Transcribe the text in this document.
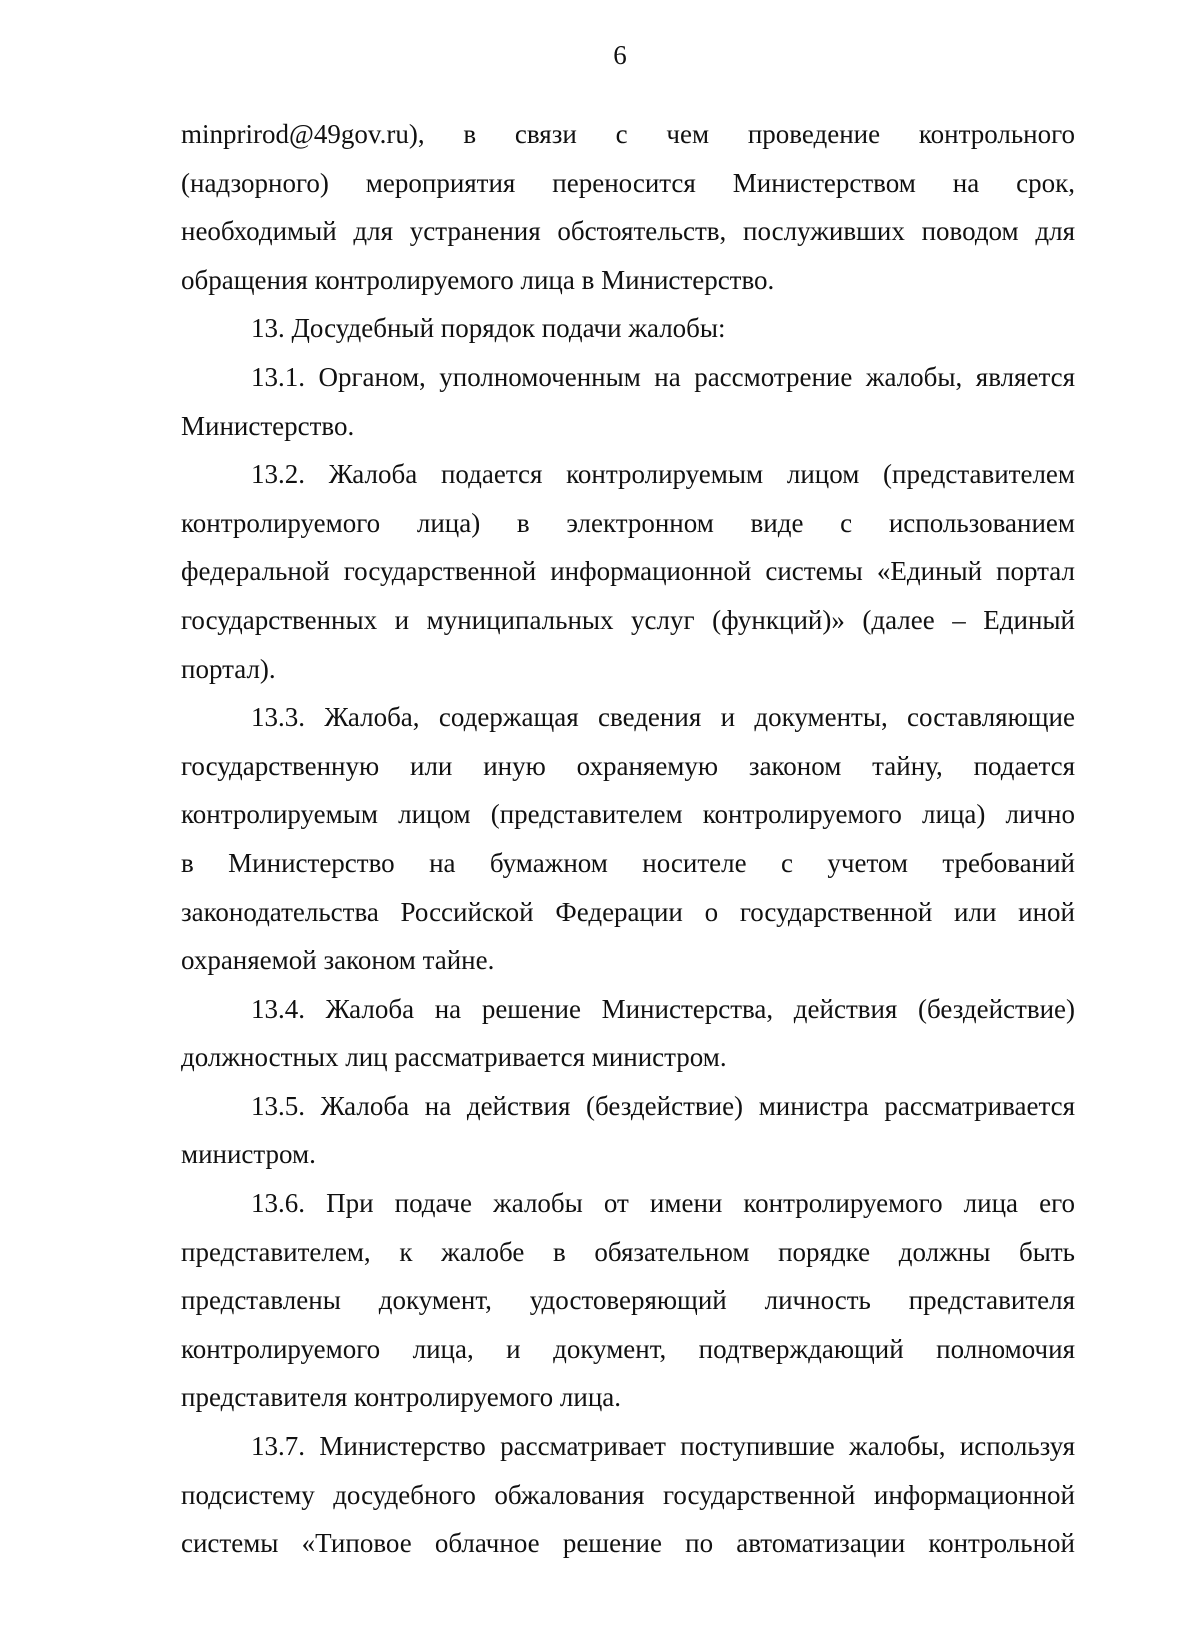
6
minprirod@49gov.ru), в связи с чем проведение контрольного
(надзорного) мероприятия переносится Министерством на срок,
необходимый для устранения обстоятельств, послуживших поводом для
обращения контролируемого лица в Министерство.
13. Досудебный порядок подачи жалобы:
13.1. Органом, уполномоченным на рассмотрение жалобы, является
Министерство.
13.2. Жалоба подается контролируемым лицом (представителем
контролируемого лица) в электронном виде с использованием
федеральной государственной информационной системы «Единый портал
государственных и муниципальных услуг (функций)» (далее – Единый
портал).
13.3. Жалоба, содержащая сведения и документы, составляющие
государственную или иную охраняемую законом тайну, подается
контролируемым лицом (представителем контролируемого лица) лично
в Министерство на бумажном носителе с учетом требований
законодательства Российской Федерации о государственной или иной
охраняемой законом тайне.
13.4. Жалоба на решение Министерства, действия (бездействие)
должностных лиц рассматривается министром.
13.5. Жалоба на действия (бездействие) министра рассматривается
министром.
13.6. При подаче жалобы от имени контролируемого лица его
представителем, к жалобе в обязательном порядке должны быть
представлены документ, удостоверяющий личность представителя
контролируемого лица, и документ, подтверждающий полномочия
представителя контролируемого лица.
13.7. Министерство рассматривает поступившие жалобы, используя
подсистему досудебного обжалования государственной информационной
системы «Типовое облачное решение по автоматизации контрольной
